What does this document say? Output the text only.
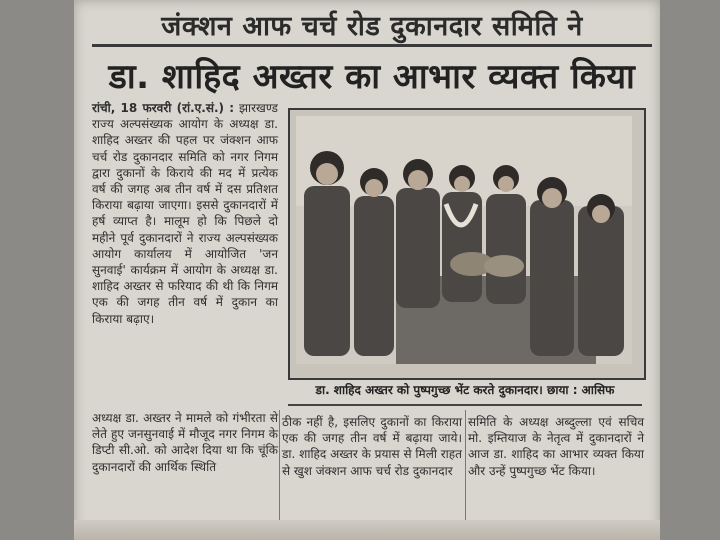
जंक्शन आफ चर्च रोड दुकानदार समिति ने
डा. शाहिद अख्तर का आभार व्यक्त किया

रांची, 18 फरवरी (रां.ए.सं.) : झारखण्ड राज्य अल्पसंख्यक आयोग के अध्यक्ष डा. शाहिद अख्तर की पहल पर जंक्शन आफ चर्च रोड दुकानदार समिति को नगर निगम द्वारा दुकानों के किराये की मद में प्रत्येक वर्ष की जगह अब तीन वर्ष में दस प्रतिशत किराया बढ़ाया जाएगा। इससे दुकानदारों में हर्ष व्याप्त है। मालूम हो कि पिछले दो महीने पूर्व दुकानदारों ने राज्य अल्पसंख्यक आयोग कार्यालय में आयोजित 'जन सुनवाई' कार्यक्रम में आयोग के अध्यक्ष डा. शाहिद अख्तर से फरियाद की थी कि निगम एक की जगह तीन वर्ष में दुकान का किराया बढ़ाए।

डा. शाहिद अख्तर को पुष्पगुच्छ भेंट करते दुकानदार। छाया : आसिफ

अध्यक्ष डा. अख्तर ने मामले को गंभीरता से लेते हुए जनसुनवाई में मौजूद नगर निगम के डिप्टी सी.ओ. को आदेश दिया था कि चूंकि दुकानदारों की आर्थिक स्थिति

ठीक नहीं है, इसलिए दुकानों का किराया एक की जगह तीन वर्ष में बढ़ाया जाये। डा. शाहिद अख्तर के प्रयास से मिली राहत से खुश जंक्शन आफ चर्च रोड दुकानदार

समिति के अध्यक्ष अब्दुल्ला एवं सचिव मो. इम्तियाज के नेतृत्व में दुकानदारों ने आज डा. शाहिद का आभार व्यक्त किया और उन्हें पुष्पगुच्छ भेंट किया।
